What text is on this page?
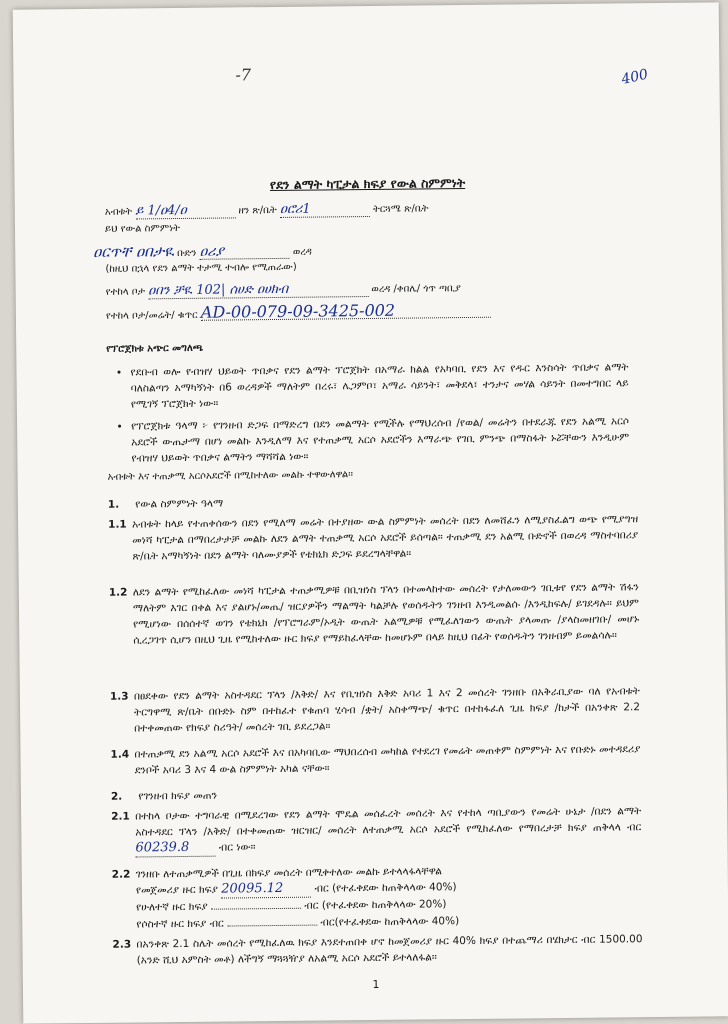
400
-7
የደን ልማት ካፒታል ክፍያ የውል ስምምነት
አብቱት ይ 1/ዐ4/ዐ	ዘን ጽ/ቤት ዐሮሪ1	ትርጓሜ ጽ/ቤት
ይህ የውል ስምምነት
ዐርጥቸ ዐበታዪ ቡድን ዐሪያ	ወረዳ
(ከዚህ በኋላ የደን ልማት ተታሚ ተብሎ የሚጠራው)
የተከላ ቦታ ዐበን ቻዪ 102| ሰሀድ ዐሀክብ	ወረዳ /ቀበሌ/ ጎጥ ጣቢያ
የተከላ ቦታ/መሬት/ ቁጥር AD-00-079-09-3425-002
የፕሮጀክቱ አጭር መግለጫ
• የደቡብ ወሎ የብዝሃ ህይወት ጥበቃና የደን ልማት ፕሮጀክት በአማራ ክልል የአካባቢ የደን እና የዱር እንስሳት ጥበቃና ልማት ባለስልጣን አማካኝነት በ6 ወረዳዎች ማለትም በረሩ፣ ሌጋምቦ፣ አማራ ሳይንት፣ መቅደላ፣ ተንታና መሃል ሳይንት በመተግበር ላይ የሚገኝ ፕሮጀክት ነው።
• የፕሮጀክቱ ዓላማ ፦ የገንዘብ ድጋፍ በማድረግ በደን መልማት የሚችሉ የማህረሰብ /የወል/ መሬትን በተደራጁ የደን አልሚ አርሶ አደሮች ውጤታማ በሆነ መልኩ እንዲለማ እና የተጠቃሚ አርሶ አደሮችን እማራጭ የገቢ ምንጭ በማስፋት ኑሯቸውን እንዲሁም የብዝሃ ህይወት ጥበቃና ልማትን ማሻሻል ነው።
አብቱት እና ተጠቃሚ አርሶአደሮች በሚከተለው መልኩ ተዋውለዋል፡፡
1. የውል ስምምነት ዓላማ
1.1 አብቱት ከላይ የተጠቀሰውን በደን የሚለማ መሬት በተያዘው ውል ስምምነት መሰረት በደን ለመሸፈን ለሚያስፈልግ ወጭ የሚያግዝ መነሻ ካፒታል በማበረታታቻ መልኩ ለደን ልማት ተጠቃሚ አርሶ አደሮች ይሰጣል። ተጠቃሚ ደን አልሚ ቡድኖች በወረዳ ማስተባበሪያ ጽ/ቤት አማካኝነት በደን ልማት ባለሙያዎች የቴክኒክ ድጋፍ ይደረግላቸዋል።
1.2 ለደን ልማት የሚከፈለው መነሻ ካፒታል ተጠቃሚዎቹ በቢዝነስ ፕላን በተመላከተው መሰረት የታለመውን ገቢቱየ የደን ልማት ሽፋን ማለትም እገር በቀል እና ያልሆኑ/መጤ/ ዝርያዎችን ማልማት ካልቻሉ የወሰዱትን ገንዘብ እንዲመልሱ /እንዲከፍሉ/ ይገደዳሉ። ይህም የሚሆነው በሰሰተኛ ወገን የቴክኒክ /የፕሮግራም/ኦዲት ውጤት አልሚዎቹ የሚፈለገውን ውጤት ያላመጡ /ያላስመዘገቡ/ መሆኑ ሲረጋገጥ ሲሆን በዚህ ጊዜ የሚከተለው ዙር ክፍያ የማይከፈላቸው ከመሆኑም በላይ ከዚህ በፊት የወሰዱትን ገንዘብም ይመልሳሉ።
1.3 በፀደቀው የደን ልማት አስተዳደር ፕላን /እቅድ/ እና የቢዝነስ እቅድ አባሪ 1 እና 2 መሰረት ገንዘቡ በአቅራቢያው ባለ የአብቱት ትርግዋሚ ጽ/ቤት በቡድኑ ስም በተከፈተ የቁጠባ ሂሳብ /ቋት/ አስቀማጭ/ ቁጥር በተከፋፈለ ጊዜ ክፍያ /ከታች በአንቀጽ 2.2 በተቀመጠው የክፍያ ስሪዓት/ መሰረት ገቢ ይደረጋል።
1.4 በተጠቃሚ ደን አልሚ አርሶ አደሮች እና በአካባቢው ማህበረሰብ መካከል የተደረገ የመሬት መጠቀም ስምምነት እና የቡድኑ መተዳደሪያ ደንቦች አባሪ 3 እና 4 ውል ስምምነት አካል ናቸው።
2. የገንዘብ ክፍያ መጠን
2.1 በተከላ ቦታው ተግባራዊ በሚደረገው የደን ልማት ሞዴል መሰፈረት መሰረት እና የተከላ ጣቢያውን የመሬት ሁኔታ /በደን ልማት አስተዳደር ፕላን /እቅድ/ በተቀመጠው ዝርዝር/ መሰረት ለተጠቃሚ አርሶ አደሮች የሚከፈለው የማበረታቻ ክፍያ ጠቅላላ ብር 60239.8	ብር ነው፡፡
2.2 ገንዘቡ ለተጠቃሚዎች በጊዜ በክፍያ መሰረት በሚቀተለው መልኩ ይተላላፋላቸዋል
የመጀመሪያ ዙር ክፍያ 20095.12	ብር (የተፈቀደው ከጠቅላላው 40%)
የሁለተኛ ዙር ክፍያ	ብር (የተፈቀደው ከጠቅላላው 20%)
የሶስተኛ ዙር ክፍያ ብር	ብር(የተፈቀደው ከጠቅላላው 40%)
2.3 በአንቀጽ 2.1 ስሌት መሰረት የሚከፈለዉ ክፍያ እንደተጠበቀ ሆኖ ከመጀመሪያ ዙር 40% ክፍያ በተጨማሪ በሄክታር ብር 1500.00 (አንድ ሺህ አምስት መቶ) ለችግኝ ማጓጓዥያ ለአልሚ አርሶ አደሮች ይተላለፋል፡፡
1
